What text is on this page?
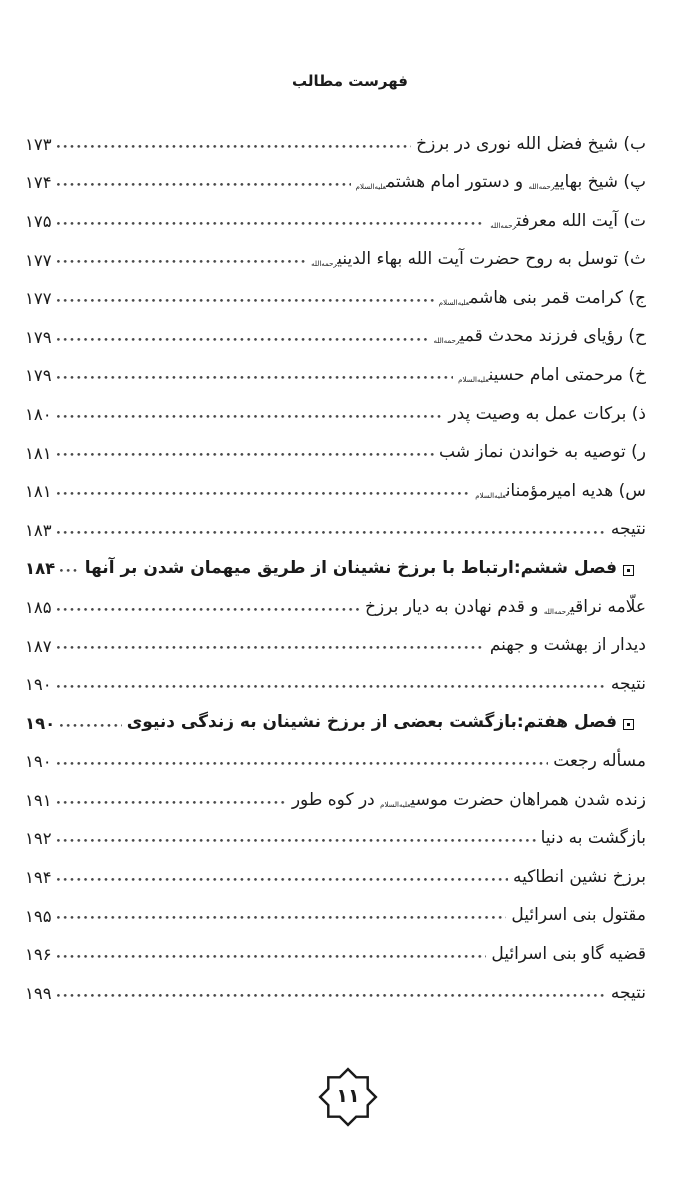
فهرست مطالب
ب) شیخ فضل الله نوری در برزخ
۱۷۳
پ) شیخ بهاییرحمه‌الله و دستور امام هشتمعلیه‌السلام
۱۷۴
ت) آیت الله معرفترحمه‌الله
۱۷۵
ث) توسل به روح حضرت آیت الله بهاء الدینیرحمه‌الله
۱۷۷
ج) کرامت قمر بنی هاشمعلیه‌السلام
۱۷۷
ح) رؤیای فرزند محدث قمیرحمه‌الله
۱۷۹
خ) مرحمتی امام حسینعلیه‌السلام
۱۷۹
ذ) برکات عمل به وصیت پدر
۱۸۰
ر) توصیه به خواندن نماز شب
۱۸۱
س) هدیه امیرمؤمنانعلیه‌السلام
۱۸۱
نتیجه
۱۸۳
فصل ششم:ارتباط با برزخ نشینان از طریق میهمان شدن بر آنها
۱۸۴
علّامه نراقیرحمه‌الله و قدم نهادن به دیار برزخ
۱۸۵
دیدار از بهشت و جهنم
۱۸۷
نتیجه
۱۹۰
فصل هفتم:بازگشت بعضی از برزخ نشینان به زندگی دنیوی
۱۹۰
مسأله رجعت
۱۹۰
زنده شدن همراهان حضرت موسیعلیه‌السلام در کوه طور
۱۹۱
بازگشت به دنیا
۱۹۲
برزخ نشین انطاکیه
۱۹۴
مقتول بنی اسرائیل
۱۹۵
قضیه گاو بنی اسرائیل
۱۹۶
نتیجه
۱۹۹
۱۱
